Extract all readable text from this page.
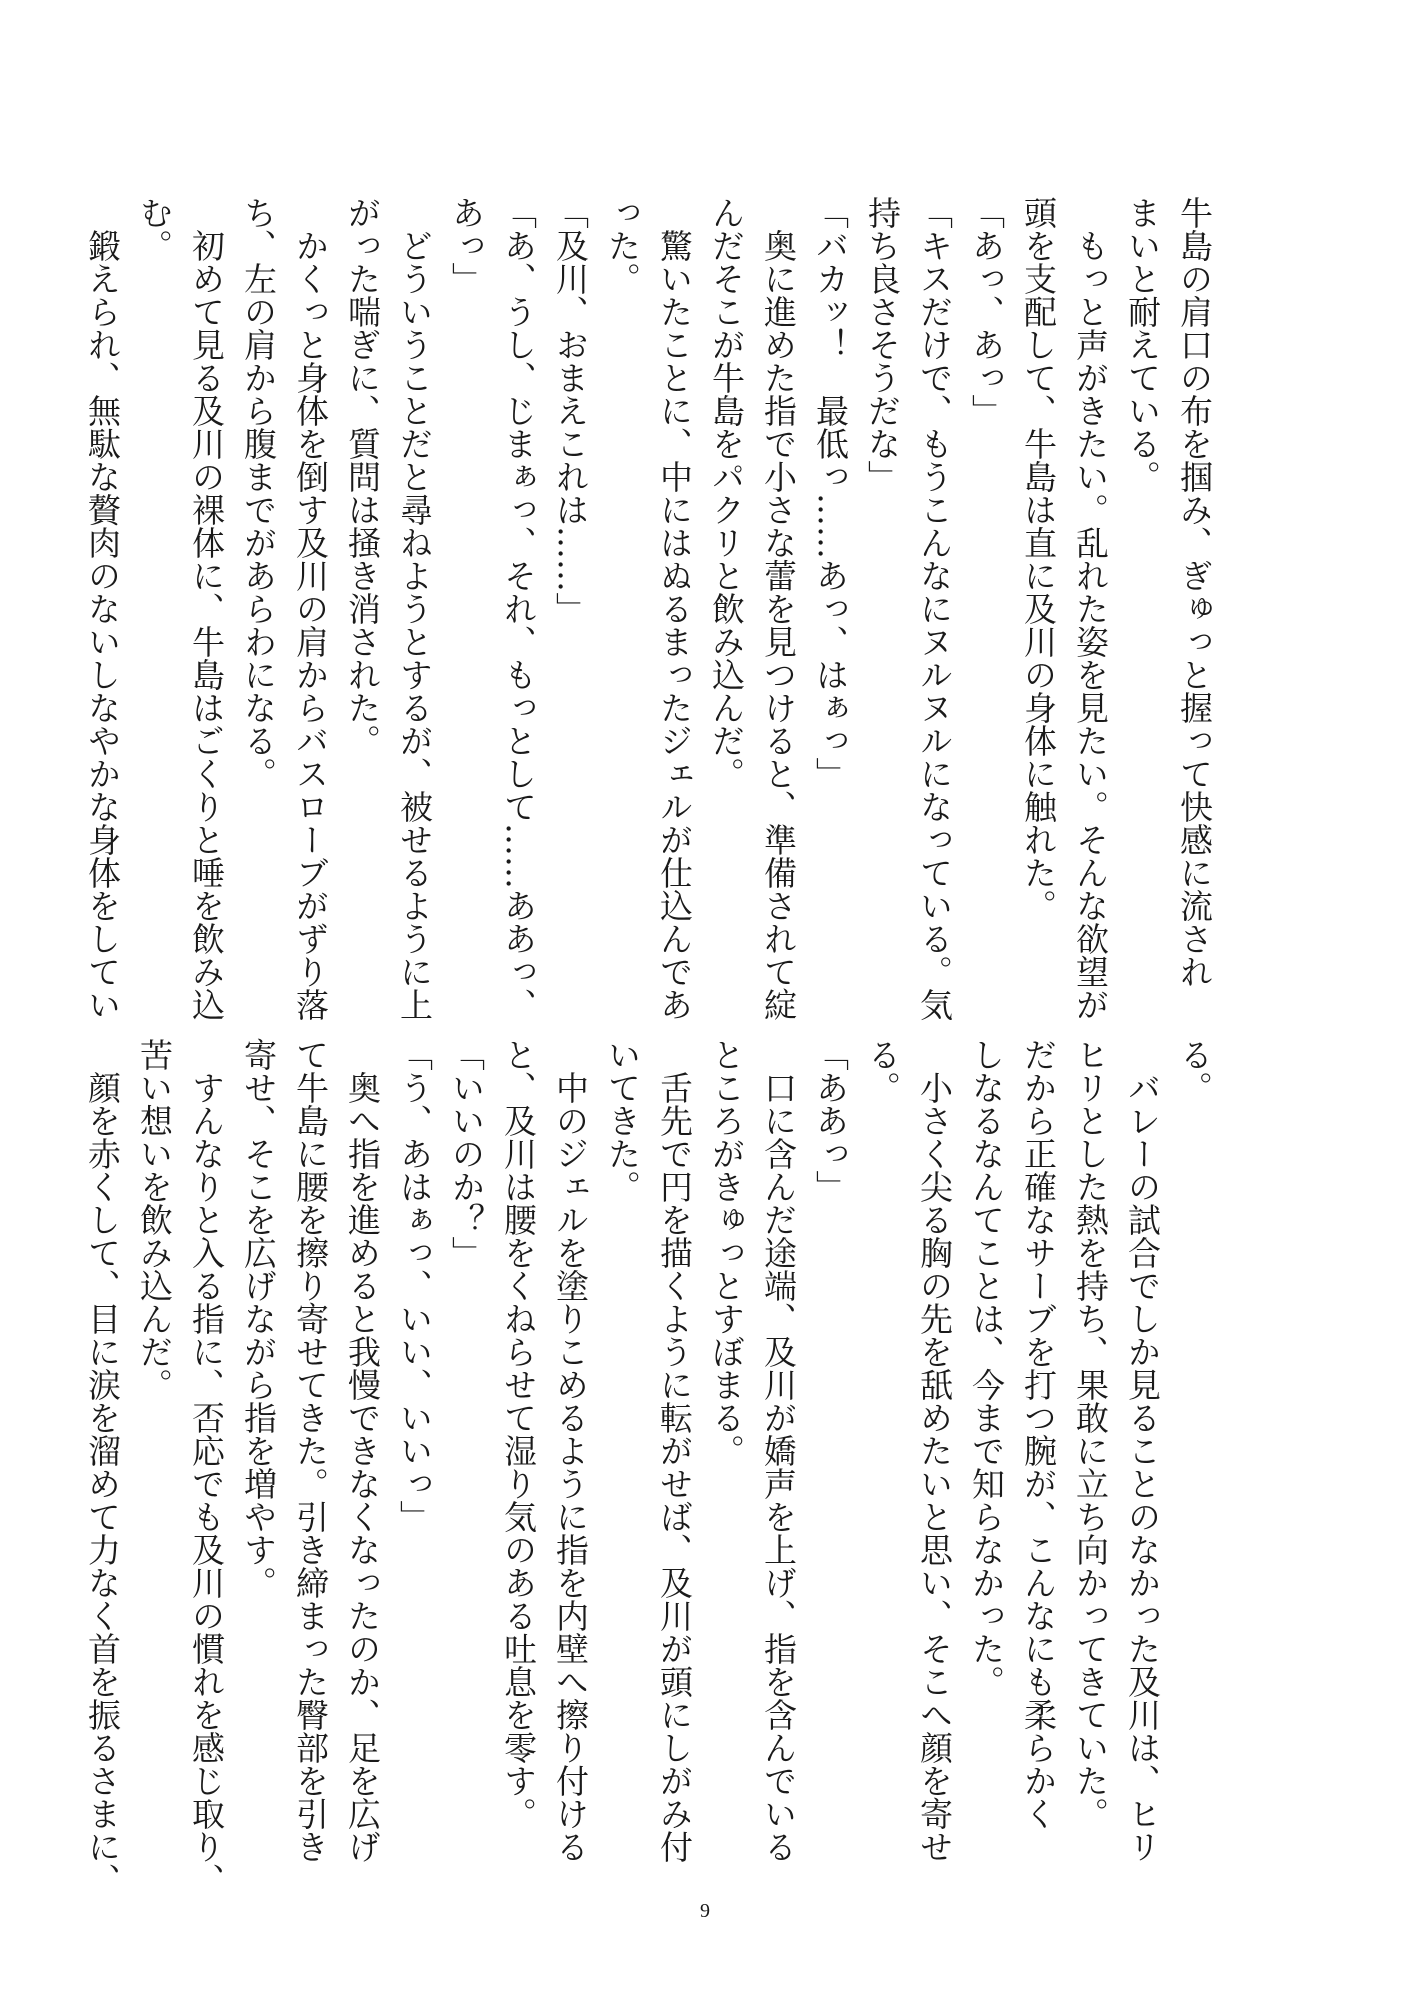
牛島の肩口の布を掴み、ぎゅっと握って快感に流され
まいと耐えている。
　もっと声がきたい。乱れた姿を見たい。そんな欲望が
頭を支配して、牛島は直に及川の身体に触れた。
「あっ、あっ」
「キスだけで、もうこんなにヌルヌルになっている。気
持ち良さそうだな」
「バカッ！　最低っ……あっ、はぁっ」
　奥に進めた指で小さな蕾を見つけると、準備されて綻
んだそこが牛島をパクリと飲み込んだ。
　驚いたことに、中にはぬるまったジェルが仕込んであ
った。
「及川、おまえこれは……」
「あ、うし、じまぁっ、それ、もっとして……ああっ、
あっ」
　どういうことだと尋ねようとするが、被せるように上
がった喘ぎに、質問は掻き消された。
　かくっと身体を倒す及川の肩からバスローブがずり落
ち、左の肩から腹までがあらわになる。
　初めて見る及川の裸体に、牛島はごくりと唾を飲み込
む。
　鍛えられ、無駄な贅肉のないしなやかな身体をしてい
る。
　バレーの試合でしか見ることのなかった及川は、ヒリ
ヒリとした熱を持ち、果敢に立ち向かってきていた。
だから正確なサーブを打つ腕が、こんなにも柔らかく
しなるなんてことは、今まで知らなかった。
　小さく尖る胸の先を舐めたいと思い、そこへ顔を寄せ
る。
「ああっ」
　口に含んだ途端、及川が嬌声を上げ、指を含んでいる
ところがきゅっとすぼまる。
　舌先で円を描くように転がせば、及川が頭にしがみ付
いてきた。
　中のジェルを塗りこめるように指を内壁へ擦り付ける
と、及川は腰をくねらせて湿り気のある吐息を零す。
「いいのか？」
「う、あはぁっ、いい、いいっ」
　奥へ指を進めると我慢できなくなったのか、足を広げ
て牛島に腰を擦り寄せてきた。引き締まった臀部を引き
寄せ、そこを広げながら指を増やす。
　すんなりと入る指に、否応でも及川の慣れを感じ取り、
苦い想いを飲み込んだ。
　顔を赤くして、目に涙を溜めて力なく首を振るさまに、
9
